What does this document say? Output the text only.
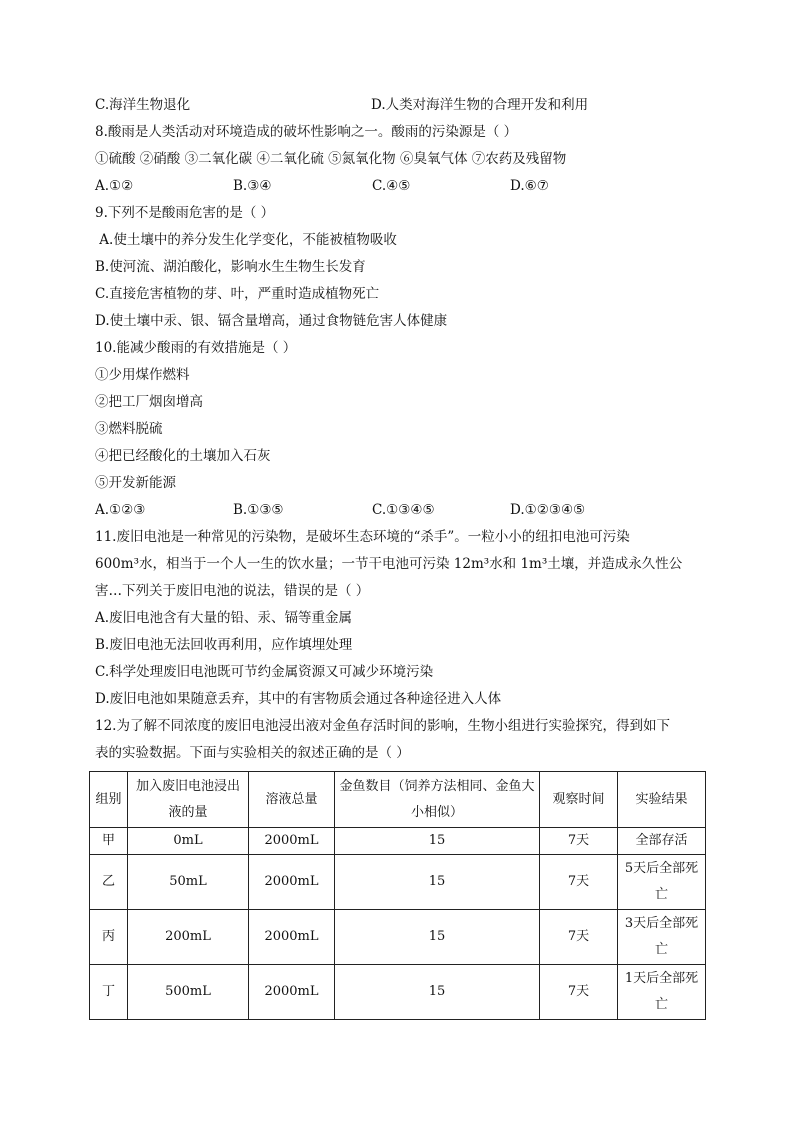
C.海洋生物退化	D.人类对海洋生物的合理开发和利用
8.酸雨是人类活动对环境造成的破坏性影响之一。酸雨的污染源是（ ）
①硫酸 ②硝酸 ③二氧化碳 ④二氧化硫 ⑤氮氧化物 ⑥臭氧气体 ⑦农药及残留物
A.①②	B.③④	C.④⑤	D.⑥⑦
9.下列不是酸雨危害的是（ ）
A.使土壤中的养分发生化学变化，不能被植物吸收
B.使河流、湖泊酸化，影响水生生物生长发育
C.直接危害植物的芽、叶，严重时造成植物死亡
D.使土壤中汞、银、镉含量增高，通过食物链危害人体健康
10.能减少酸雨的有效措施是（ ）
①少用煤作燃料
②把工厂烟囱增高
③燃料脱硫
④把已经酸化的土壤加入石灰
⑤开发新能源
A.①②③	B.①③⑤	C.①③④⑤	D.①②③④⑤
11.废旧电池是一种常见的污染物，是破坏生态环境的“杀手”。一粒小小的纽扣电池可污染
600m³水，相当于一个人一生的饮水量；一节干电池可污染 12m³水和 1m³土壤，并造成永久性公
害…下列关于废旧电池的说法，错误的是（ ）
A.废旧电池含有大量的铅、汞、镉等重金属
B.废旧电池无法回收再利用，应作填埋处理
C.科学处理废旧电池既可节约金属资源又可减少环境污染
D.废旧电池如果随意丢弃，其中的有害物质会通过各种途径进入人体
12.为了解不同浓度的废旧电池浸出液对金鱼存活时间的影响，生物小组进行实验探究，得到如下
表的实验数据。下面与实验相关的叙述正确的是（ ）
组别	加入废旧电池浸出液的量	溶液总量	金鱼数目（饲养方法相同、金鱼大小相似）	观察时间	实验结果
甲	0mL	2000mL	15	7天	全部存活
乙	50mL	2000mL	15	7天	5天后全部死亡
丙	200mL	2000mL	15	7天	3天后全部死亡
丁	500mL	2000mL	15	7天	1天后全部死亡
